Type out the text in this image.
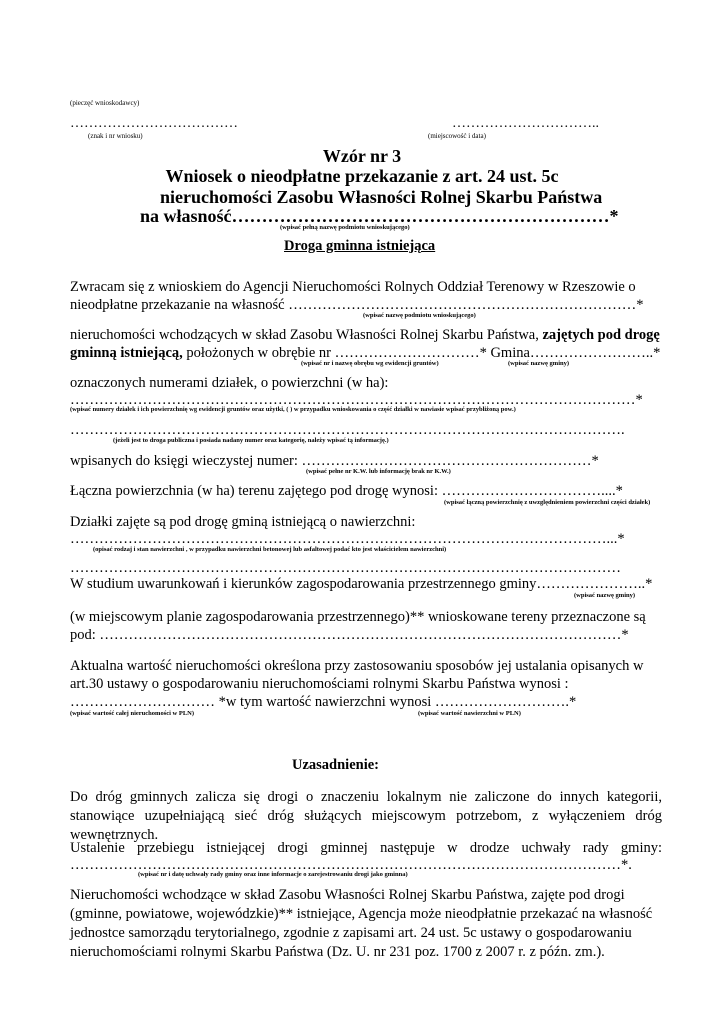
(pieczęć wnioskodawcy)
………………………………
(znak i nr wniosku)
…………………………..
(miejscowość i data)
Wzór nr 3
Wniosek o nieodpłatne przekazanie z art. 24 ust. 5c
nieruchomości Zasobu Własności Rolnej Skarbu Państwa
na własność………………………………………………………*
(wpisać pełną nazwę podmiotu wnioskującego)
Droga gminna istniejąca
Zwracam się z wnioskiem do Agencji Nieruchomości Rolnych Oddział Terenowy w Rzeszowie o
nieodpłatne przekazanie na własność ………………………………………………………………*
(wpisać nazwę podmiotu wnioskującego)
nieruchomości wchodzących w skład Zasobu Własności Rolnej Skarbu Państwa, zajętych pod drogę
gminną istniejącą, położonych w obrębie nr …………………………* Gmina……………………..*
(wpisać nr i nazwę obrębu wg ewidencji gruntów)	(wpisać nazwę gminy)
oznaczonych numerami działek, o powierzchni (w ha):
………………………………………………………………………………………………………*
(wpisać numery działek i ich powierzchnię wg ewidencji gruntów oraz użytki, ( ) w przypadku wnioskowania o część działki w nawiasie wpisać przybliżoną pow.)
…………………………………………………………………………………………………….
(jeżeli jest to droga publiczna i posiada nadany numer oraz kategorię, należy wpisać tą informację.)
wpisanych do księgi wieczystej numer: ……………………………………………………*
(wpisać pełne nr K.W. lub informację brak nr K.W.)
Łączna powierzchnia (w ha) terenu zajętego pod drogę wynosi: ……………………………....*
(wpisać łączną powierzchnię z uwzględnieniem powierzchni części działek)
Działki zajęte są pod drogę gminą istniejącą o nawierzchni:
…………………………………………………………………………………………………...*
(opisać rodzaj i stan nawierzchni , w przypadku nawierzchni betonowej lub asfaltowej podać kto jest właścicielem nawierzchni)
……………………………………………………………………………………………………
W studium uwarunkowań i kierunków zagospodarowania przestrzennego gminy…………………..*
(wpisać nazwę gminy)
(w miejscowym planie zagospodarowania przestrzennego)** wnioskowane tereny przeznaczone są
pod: ………………………………………………………………………………………………*
Aktualna wartość nieruchomości określona przy zastosowaniu sposobów jej ustalania opisanych w
art.30 ustawy o gospodarowaniu nieruchomościami rolnymi Skarbu Państwa wynosi :
………………………… *w tym wartość nawierzchni wynosi ……………………….*
(wpisać wartość całej nieruchomości w PLN)	(wpisać wartość nawierzchni w PLN)
Uzasadnienie:
Do dróg gminnych zalicza się drogi o znaczeniu lokalnym nie zaliczone do innych kategorii, stanowiące uzupełniającą sieć dróg służących miejscowym potrzebom, z wyłączeniem dróg wewnętrznych.
Ustalenie przebiegu istniejącej drogi gminnej następuje w drodze uchwały rady gminy:
……………………………………………………………………………………………………*.
(wpisać nr i datę uchwały rady gminy oraz inne informacje o zarejestrowaniu drogi jako gminna)
Nieruchomości wchodzące w skład Zasobu Własności Rolnej Skarbu Państwa, zajęte pod drogi (gminne, powiatowe, wojewódzkie)** istniejące, Agencja może nieodpłatnie przekazać na własność jednostce samorządu terytorialnego, zgodnie z zapisami art. 24 ust. 5c ustawy o gospodarowaniu nieruchomościami rolnymi Skarbu Państwa (Dz. U. nr 231 poz. 1700 z 2007 r. z późn. zm.).
